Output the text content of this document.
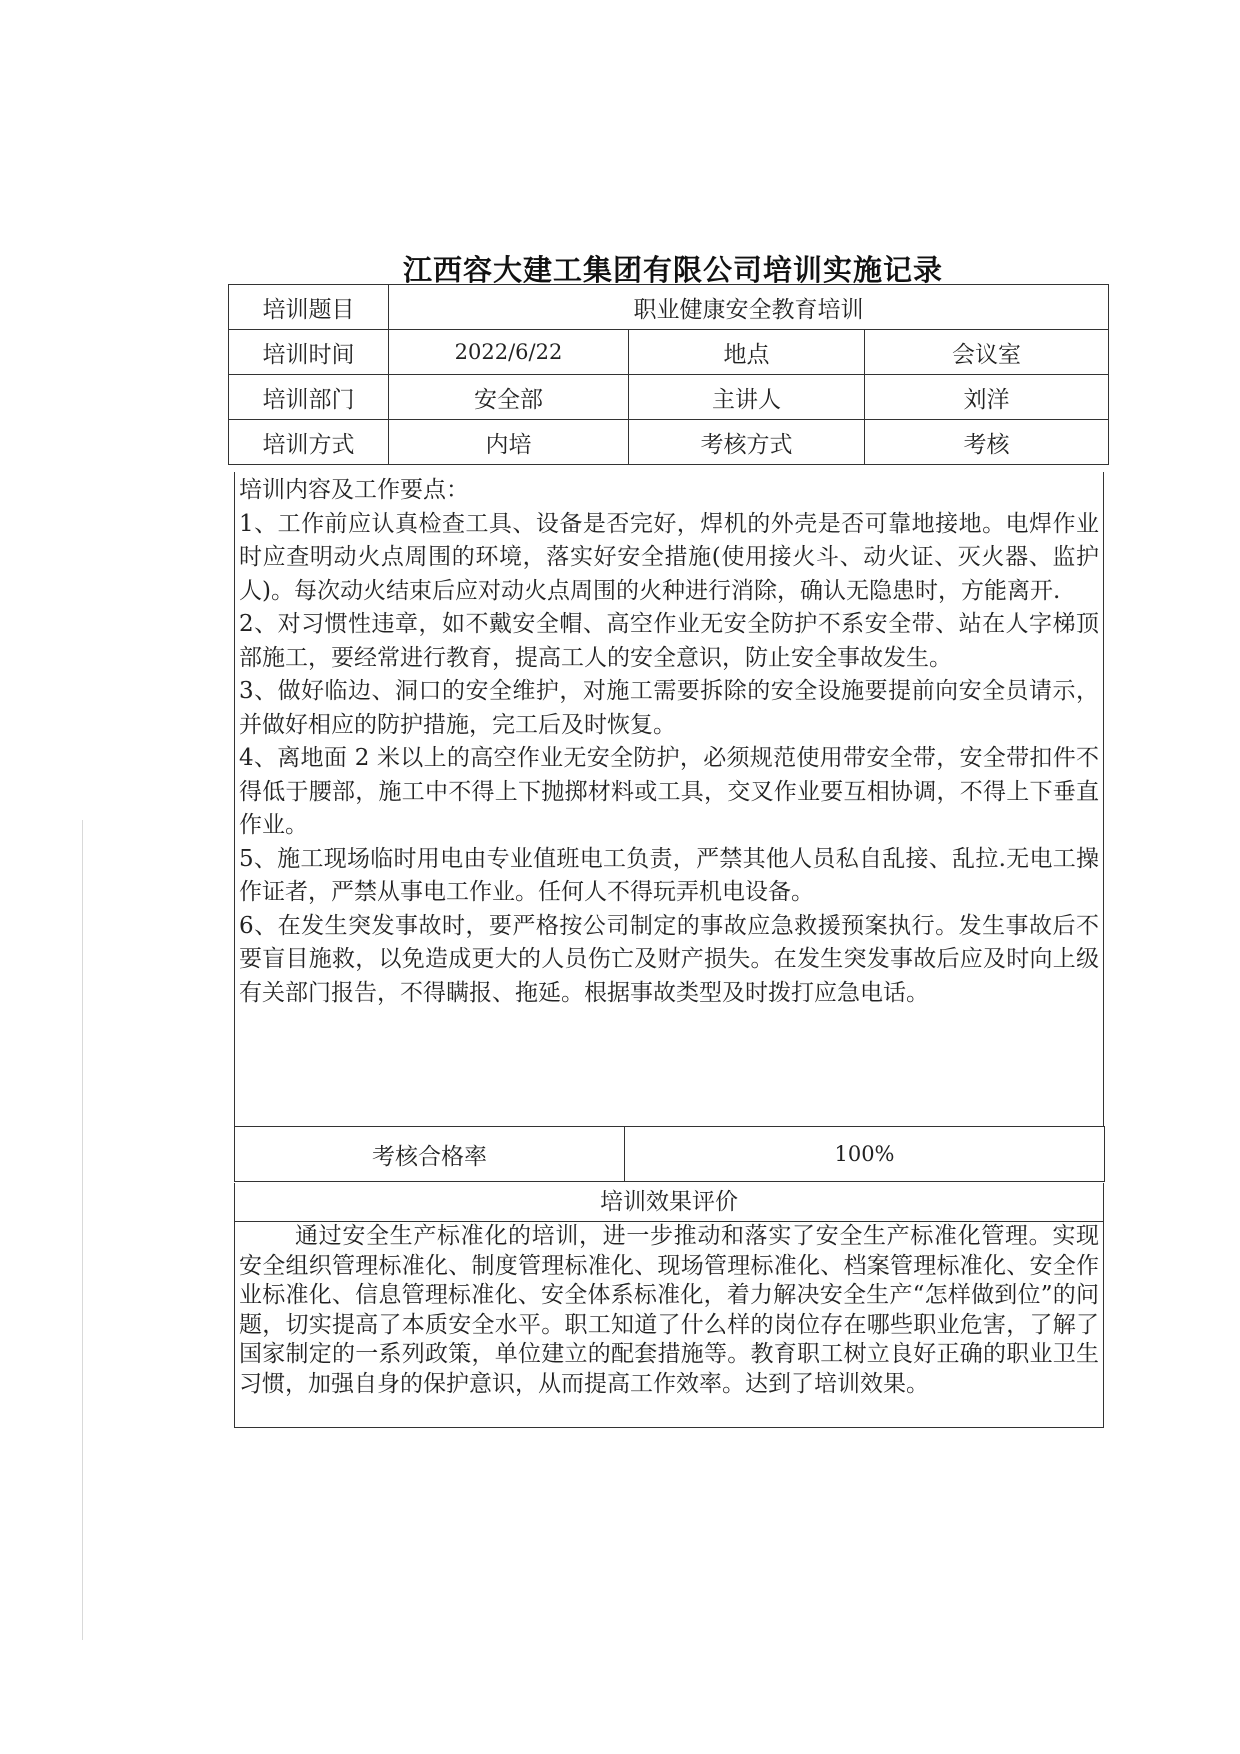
江西容大建工集团有限公司培训实施记录
培训题目	职业健康安全教育培训		
培训时间	2022/6/22	地点	会议室
培训部门	安全部	主讲人	刘洋
培训方式	内培	考核方式	考核

培训内容及工作要点：

1、工作前应认真检查工具、设备是否完好，焊机的外壳是否可靠地接地。电焊作业时应查明动火点周围的环境，落实好安全措施(使用接火斗、动火证、灭火器、监护人)。每次动火结束后应对动火点周围的火种进行消除，确认无隐患时，方能离开.

2、对习惯性违章，如不戴安全帽、高空作业无安全防护不系安全带、站在人字梯顶部施工，要经常进行教育，提高工人的安全意识，防止安全事故发生。

3、做好临边、洞口的安全维护，对施工需要拆除的安全设施要提前向安全员请示，并做好相应的防护措施，完工后及时恢复。

4、离地面 2 米以上的高空作业无安全防护，必须规范使用带安全带，安全带扣件不得低于腰部，施工中不得上下抛掷材料或工具，交叉作业要互相协调，不得上下垂直作业。

5、施工现场临时用电由专业值班电工负责，严禁其他人员私自乱接、乱拉.无电工操作证者，严禁从事电工作业。任何人不得玩弄机电设备。

6、在发生突发事故时，要严格按公司制定的事故应急救援预案执行。发生事故后不要盲目施救，以免造成更大的人员伤亡及财产损失。在发生突发事故后应及时向上级有关部门报告，不得瞒报、拖延。根据事故类型及时拨打应急电话。

考核合格率	100%
培训效果评价

通过安全生产标准化的培训，进一步推动和落实了安全生产标准化管理。实现安全组织管理标准化、制度管理标准化、现场管理标准化、档案管理标准化、安全作业标准化、信息管理标准化、安全体系标准化，着力解决安全生产“怎样做到位”的问题，切实提高了本质安全水平。职工知道了什么样的岗位存在哪些职业危害，了解了国家制定的一系列政策，单位建立的配套措施等。教育职工树立良好正确的职业卫生习惯，加强自身的保护意识，从而提高工作效率。达到了培训效果。
